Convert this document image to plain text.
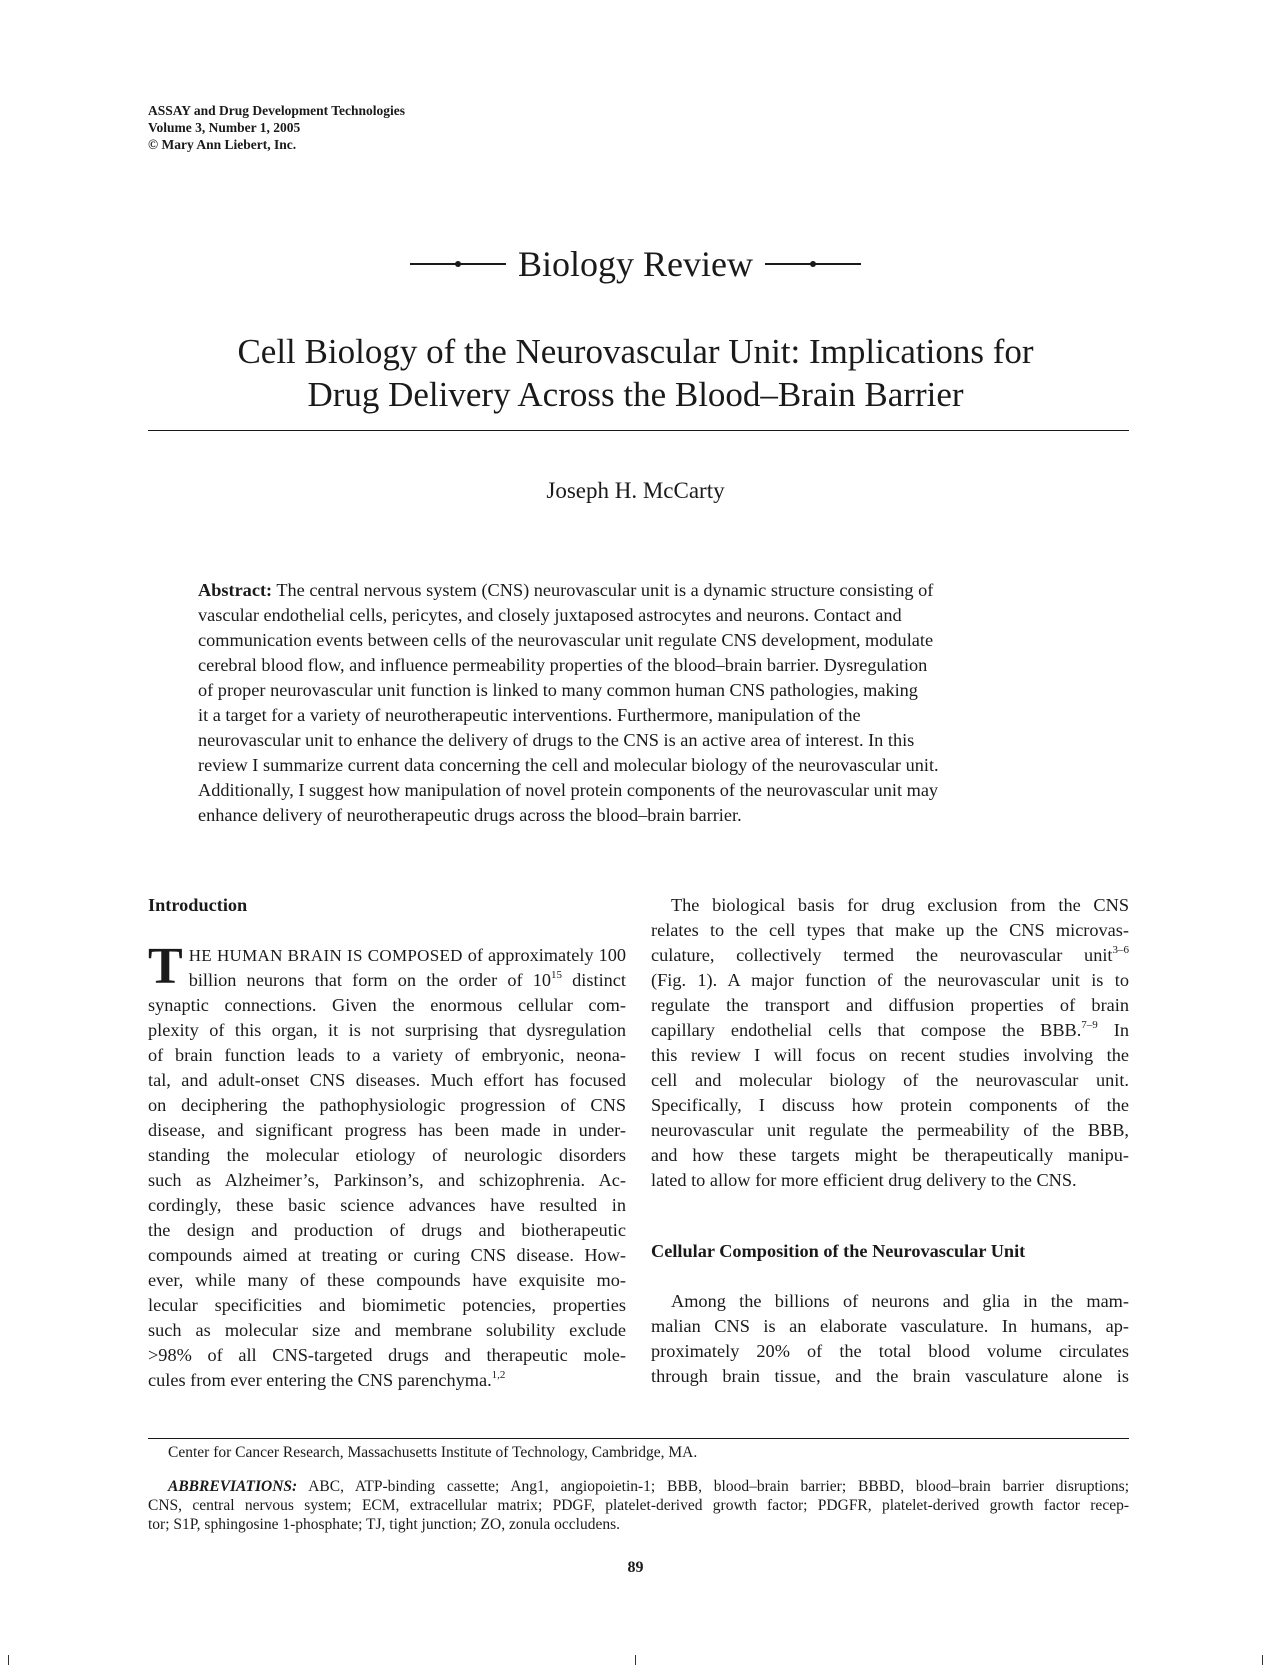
ASSAY and Drug Development Technologies
Volume 3, Number 1, 2005
© Mary Ann Liebert, Inc.
Biology Review
Cell Biology of the Neurovascular Unit: Implications for
Drug Delivery Across the Blood–Brain Barrier
Joseph H. McCarty
Abstract: The central nervous system (CNS) neurovascular unit is a dynamic structure consisting of
vascular endothelial cells, pericytes, and closely juxtaposed astrocytes and neurons. Contact and
communication events between cells of the neurovascular unit regulate CNS development, modulate
cerebral blood flow, and influence permeability properties of the blood–brain barrier. Dysregulation
of proper neurovascular unit function is linked to many common human CNS pathologies, making
it a target for a variety of neurotherapeutic interventions. Furthermore, manipulation of the
neurovascular unit to enhance the delivery of drugs to the CNS is an active area of interest. In this
review I summarize current data concerning the cell and molecular biology of the neurovascular unit.
Additionally, I suggest how manipulation of novel protein components of the neurovascular unit may
enhance delivery of neurotherapeutic drugs across the blood–brain barrier.
Introduction

T HE HUMAN BRAIN IS COMPOSED of approximately 100
billion neurons that form on the order of $10^{15}$ distinct
synaptic connections. Given the enormous cellular com-
plexity of this organ, it is not surprising that dysregulation
of brain function leads to a variety of embryonic, neona-
tal, and adult-onset CNS diseases. Much effort has focused
on deciphering the pathophysiologic progression of CNS
disease, and significant progress has been made in under-
standing the molecular etiology of neurologic disorders
such as Alzheimer’s, Parkinson’s, and schizophrenia. Ac-
cordingly, these basic science advances have resulted in
the design and production of drugs and biotherapeutic
compounds aimed at treating or curing CNS disease. How-
ever, while many of these compounds have exquisite mo-
lecular specificities and biomimetic potencies, properties
such as molecular size and membrane solubility exclude
>98% of all CNS-targeted drugs and therapeutic mole-
cules from ever entering the CNS parenchyma.$^{1,2}$

The biological basis for drug exclusion from the CNS
relates to the cell types that make up the CNS microvas-
culature, collectively termed the neurovascular unit$^{3-6}$
(Fig. 1). A major function of the neurovascular unit is to
regulate the transport and diffusion properties of brain
capillary endothelial cells that compose the BBB.$^{7-9}$ In
this review I will focus on recent studies involving the
cell and molecular biology of the neurovascular unit.
Specifically, I discuss how protein components of the
neurovascular unit regulate the permeability of the BBB,
and how these targets might be therapeutically manipu-
lated to allow for more efficient drug delivery to the CNS.

Cellular Composition of the Neurovascular Unit

Among the billions of neurons and glia in the mam-
malian CNS is an elaborate vasculature. In humans, ap-
proximately 20% of the total blood volume circulates
through brain tissue, and the brain vasculature alone is

Center for Cancer Research, Massachusetts Institute of Technology, Cambridge, MA.
ABBREVIATIONS: ABC, ATP-binding cassette; Ang1, angiopoietin-1; BBB, blood–brain barrier; BBBD, blood–brain barrier disruptions;
CNS, central nervous system; ECM, extracellular matrix; PDGF, platelet-derived growth factor; PDGFR, platelet-derived growth factor recep-
tor; S1P, sphingosine 1-phosphate; TJ, tight junction; ZO, zonula occludens.
89
